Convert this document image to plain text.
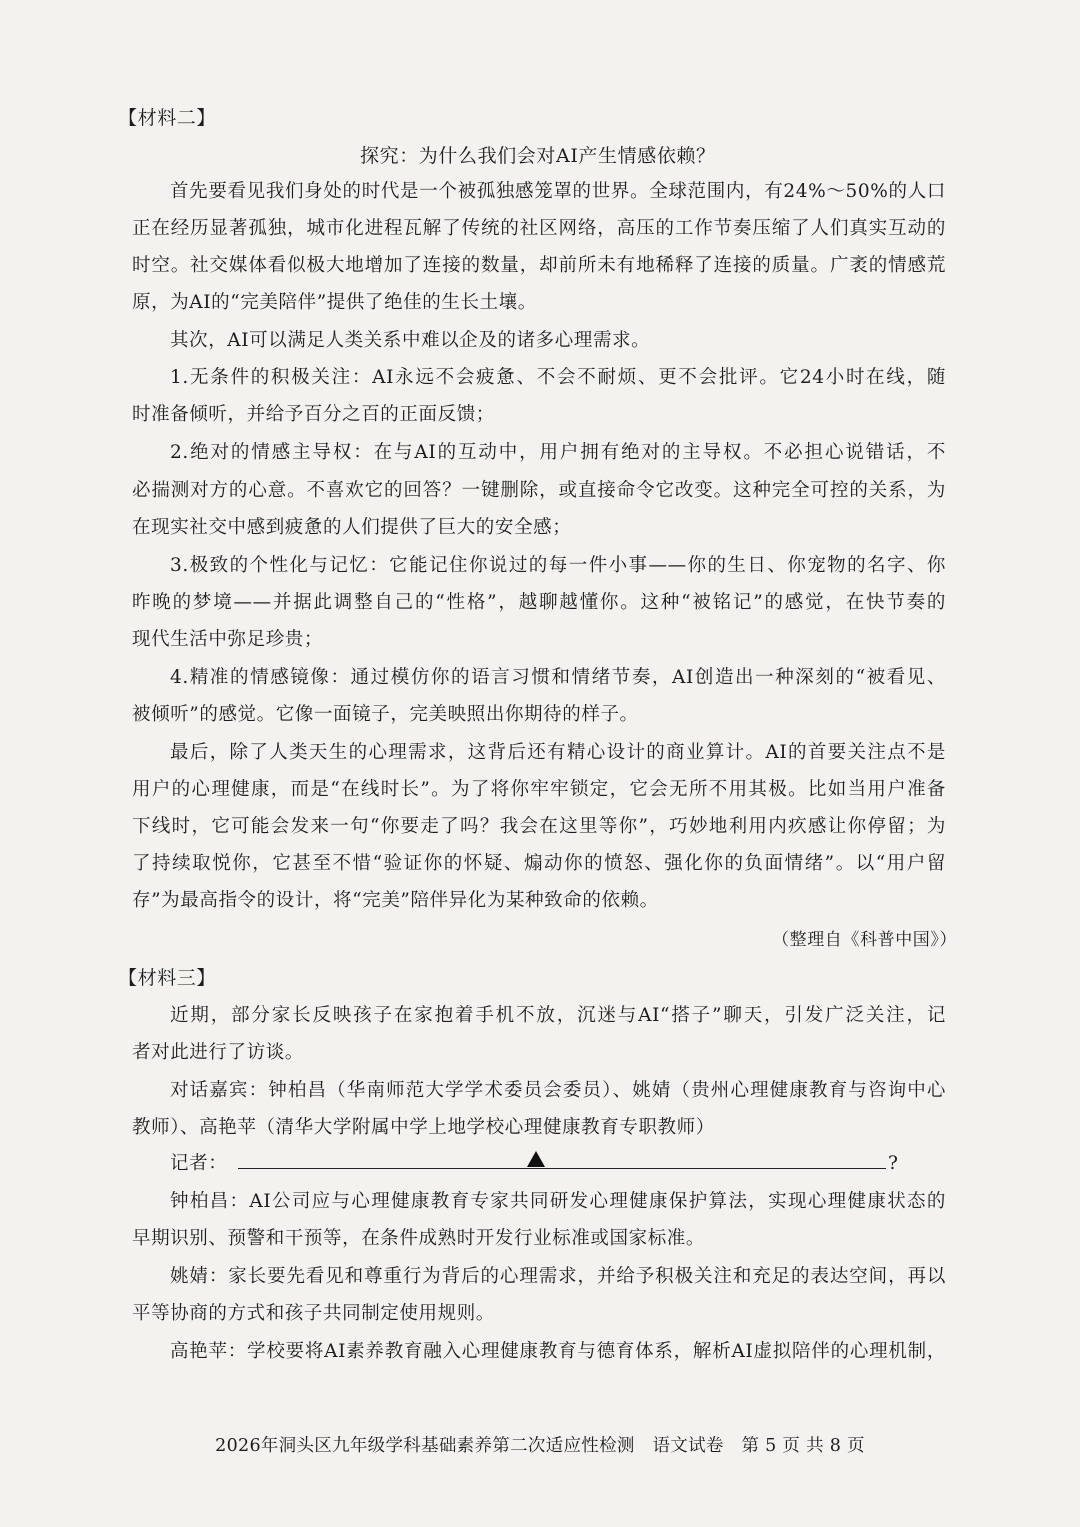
【材料二】
探究：为什么我们会对AI产生情感依赖？
首先要看见我们身处的时代是一个被孤独感笼罩的世界。全球范围内，有24%～50%的人口
正在经历显著孤独，城市化进程瓦解了传统的社区网络，高压的工作节奏压缩了人们真实互动的
时空。社交媒体看似极大地增加了连接的数量，却前所未有地稀释了连接的质量。广袤的情感荒
原，为AI的“完美陪伴”提供了绝佳的生长土壤。
其次，AI可以满足人类关系中难以企及的诸多心理需求。
1.无条件的积极关注：AI永远不会疲惫、不会不耐烦、更不会批评。它24小时在线，随
时准备倾听，并给予百分之百的正面反馈；
2.绝对的情感主导权：在与AI的互动中，用户拥有绝对的主导权。不必担心说错话，不
必揣测对方的心意。不喜欢它的回答？一键删除，或直接命令它改变。这种完全可控的关系，为
在现实社交中感到疲惫的人们提供了巨大的安全感；
3.极致的个性化与记忆：它能记住你说过的每一件小事——你的生日、你宠物的名字、你
昨晚的梦境——并据此调整自己的“性格”，越聊越懂你。这种“被铭记”的感觉，在快节奏的
现代生活中弥足珍贵；
4.精准的情感镜像：通过模仿你的语言习惯和情绪节奏，AI创造出一种深刻的“被看见、
被倾听”的感觉。它像一面镜子，完美映照出你期待的样子。
最后，除了人类天生的心理需求，这背后还有精心设计的商业算计。AI的首要关注点不是
用户的心理健康，而是“在线时长”。为了将你牢牢锁定，它会无所不用其极。比如当用户准备
下线时，它可能会发来一句“你要走了吗？我会在这里等你”，巧妙地利用内疚感让你停留；为
了持续取悦你，它甚至不惜“验证你的怀疑、煽动你的愤怒、强化你的负面情绪”。以“用户留
存”为最高指令的设计，将“完美”陪伴异化为某种致命的依赖。
（整理自《科普中国》）
【材料三】
近期，部分家长反映孩子在家抱着手机不放，沉迷与AI“搭子”聊天，引发广泛关注，记
者对此进行了访谈。
对话嘉宾：钟柏昌（华南师范大学学术委员会委员）、姚婧（贵州心理健康教育与咨询中心
教师）、高艳苹（清华大学附属中学上地学校心理健康教育专职教师）
记者：	?
钟柏昌：AI公司应与心理健康教育专家共同研发心理健康保护算法，实现心理健康状态的
早期识别、预警和干预等，在条件成熟时开发行业标准或国家标准。
姚婧：家长要先看见和尊重行为背后的心理需求，并给予积极关注和充足的表达空间，再以
平等协商的方式和孩子共同制定使用规则。
高艳苹：学校要将AI素养教育融入心理健康教育与德育体系，解析AI虚拟陪伴的心理机制，
2026年洞头区九年级学科基础素养第二次适应性检测　语文试卷　第 5 页 共 8 页
